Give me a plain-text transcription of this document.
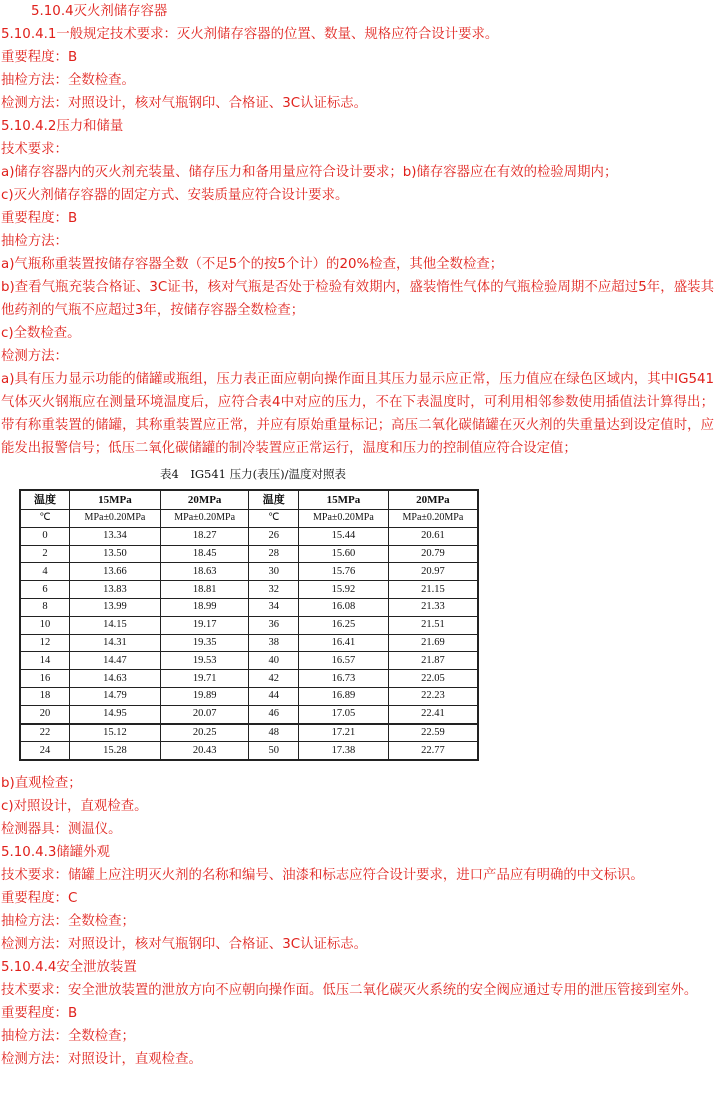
5.10.4灭火剂储存容器
5.10.4.1一般规定技术要求：灭火剂储存容器的位置、数量、规格应符合设计要求。
重要程度：B
抽检方法：全数检查。
检测方法：对照设计，核对气瓶钢印、合格证、3C认证标志。
5.10.4.2压力和储量
技术要求：
a)储存容器内的灭火剂充装量、储存压力和备用量应符合设计要求；b)储存容器应在有效的检验周期内；
c)灭火剂储存容器的固定方式、安装质量应符合设计要求。
重要程度：B
抽检方法：
a)气瓶称重装置按储存容器全数（不足5个的按5个计）的20%检查，其他全数检查；
b)查看气瓶充装合格证、3C证书，核对气瓶是否处于检验有效期内，盛装惰性气体的气瓶检验周期不应超过5年，盛装其他药剂的气瓶不应超过3年，按储存容器全数检查；
c)全数检查。
检测方法：
a)具有压力显示功能的储罐或瓶组，压力表正面应朝向操作面且其压力显示应正常，压力值应在绿色区域内，其中IG541气体灭火钢瓶应在测量环境温度后，应符合表4中对应的压力，不在下表温度时，可利用相邻参数使用插值法计算得出；带有称重装置的储罐，其称重装置应正常，并应有原始重量标记；高压二氧化碳储罐在灭火剂的失重量达到设定值时，应能发出报警信号；低压二氧化碳储罐的制冷装置应正常运行，温度和压力的控制值应符合设定值；
表4　IG541 压力(表压)/温度对照表
温度	15MPa	20MPa	温度	15MPa	20MPa
℃	MPa±0.20MPa	MPa±0.20MPa	℃	MPa±0.20MPa	MPa±0.20MPa
0	13.34	18.27	26	15.44	20.61
2	13.50	18.45	28	15.60	20.79
4	13.66	18.63	30	15.76	20.97
6	13.83	18.81	32	15.92	21.15
8	13.99	18.99	34	16.08	21.33
10	14.15	19.17	36	16.25	21.51
12	14.31	19.35	38	16.41	21.69
14	14.47	19.53	40	16.57	21.87
16	14.63	19.71	42	16.73	22.05
18	14.79	19.89	44	16.89	22.23
20	14.95	20.07	46	17.05	22.41
22	15.12	20.25	48	17.21	22.59
24	15.28	20.43	50	17.38	22.77
b)直观检查；
c)对照设计，直观检查。
检测器具：测温仪。
5.10.4.3储罐外观
技术要求：储罐上应注明灭火剂的名称和编号、油漆和标志应符合设计要求，进口产品应有明确的中文标识。
重要程度：C
抽检方法：全数检查；
检测方法：对照设计，核对气瓶钢印、合格证、3C认证标志。
5.10.4.4安全泄放装置
技术要求：安全泄放装置的泄放方向不应朝向操作面。低压二氧化碳灭火系统的安全阀应通过专用的泄压管接到室外。
重要程度：B
抽检方法：全数检查；
检测方法：对照设计，直观检查。
